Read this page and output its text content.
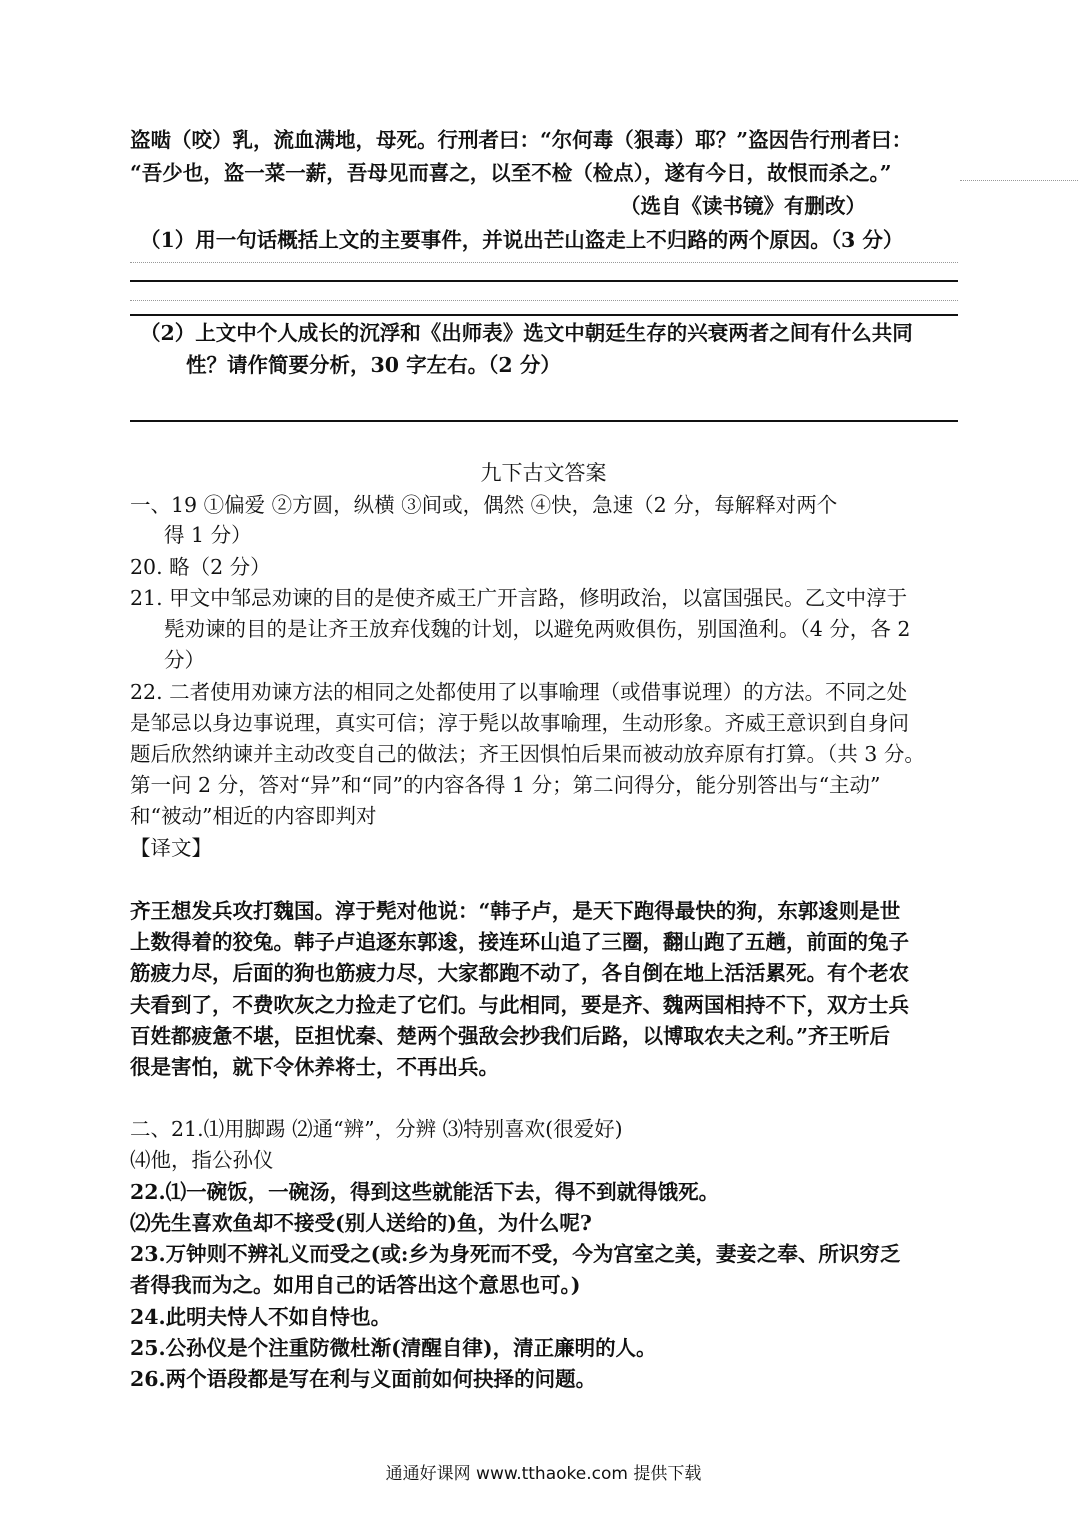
盗啮（咬）乳，流血满地，母死。行刑者曰：“尔何毒（狠毒）耶？”盗因告行刑者曰：
“吾少也，盗一菜一薪，吾母见而喜之，以至不检（检点），遂有今日，故恨而杀之。”
（选自《读书镜》有删改）
（1）用一句话概括上文的主要事件，并说出芒山盗走上不归路的两个原因。（3 分）
（2）上文中个人成长的沉浮和《出师表》选文中朝廷生存的兴衰两者之间有什么共同
性？请作简要分析，30 字左右。（2 分）
九下古文答案
一、19 ①偏爱 ②方圆，纵横 ③间或，偶然 ④快，急速（2 分，每解释对两个
得 1 分）
20. 略（2 分）
21. 甲文中邹忌劝谏的目的是使齐威王广开言路，修明政治，以富国强民。乙文中淳于
髡劝谏的目的是让齐王放弃伐魏的计划，以避免两败俱伤，别国渔利。（4 分，各 2
分）
22. 二者使用劝谏方法的相同之处都使用了以事喻理（或借事说理）的方法。不同之处
是邹忌以身边事说理，真实可信；淳于髡以故事喻理，生动形象。齐威王意识到自身问
题后欣然纳谏并主动改变自己的做法；齐王因惧怕后果而被动放弃原有打算。（共 3 分。
第一问 2 分，答对“异”和“同”的内容各得 1 分；第二问得分，能分别答出与“主动”
和“被动”相近的内容即判对
【译文】
齐王想发兵攻打魏国。淳于髡对他说：“韩子卢，是天下跑得最快的狗，东郭逡则是世
上数得着的狡兔。韩子卢追逐东郭逡，接连环山追了三圈，翻山跑了五趟，前面的兔子
筋疲力尽，后面的狗也筋疲力尽，大家都跑不动了，各自倒在地上活活累死。有个老农
夫看到了，不费吹灰之力捡走了它们。与此相同，要是齐、魏两国相持不下，双方士兵
百姓都疲惫不堪，臣担忧秦、楚两个强敌会抄我们后路，以博取农夫之利。”齐王听后
很是害怕，就下令休养将士，不再出兵。
二、21.⑴用脚踢 ⑵通“辨”，分辨 ⑶特别喜欢(很爱好)
⑷他，指公孙仪
22.⑴一碗饭，一碗汤，得到这些就能活下去，得不到就得饿死。
⑵先生喜欢鱼却不接受(别人送给的)鱼，为什么呢?
23.万钟则不辨礼义而受之(或:乡为身死而不受，今为宫室之美，妻妾之奉、所识穷乏
者得我而为之。如用自己的话答出这个意思也可。)
24.此明夫恃人不如自恃也。
25.公孙仪是个注重防微杜渐(清醒自律)，清正廉明的人。
26.两个语段都是写在利与义面前如何抉择的问题。
通通好课网 www.tthaoke.com 提供下载
